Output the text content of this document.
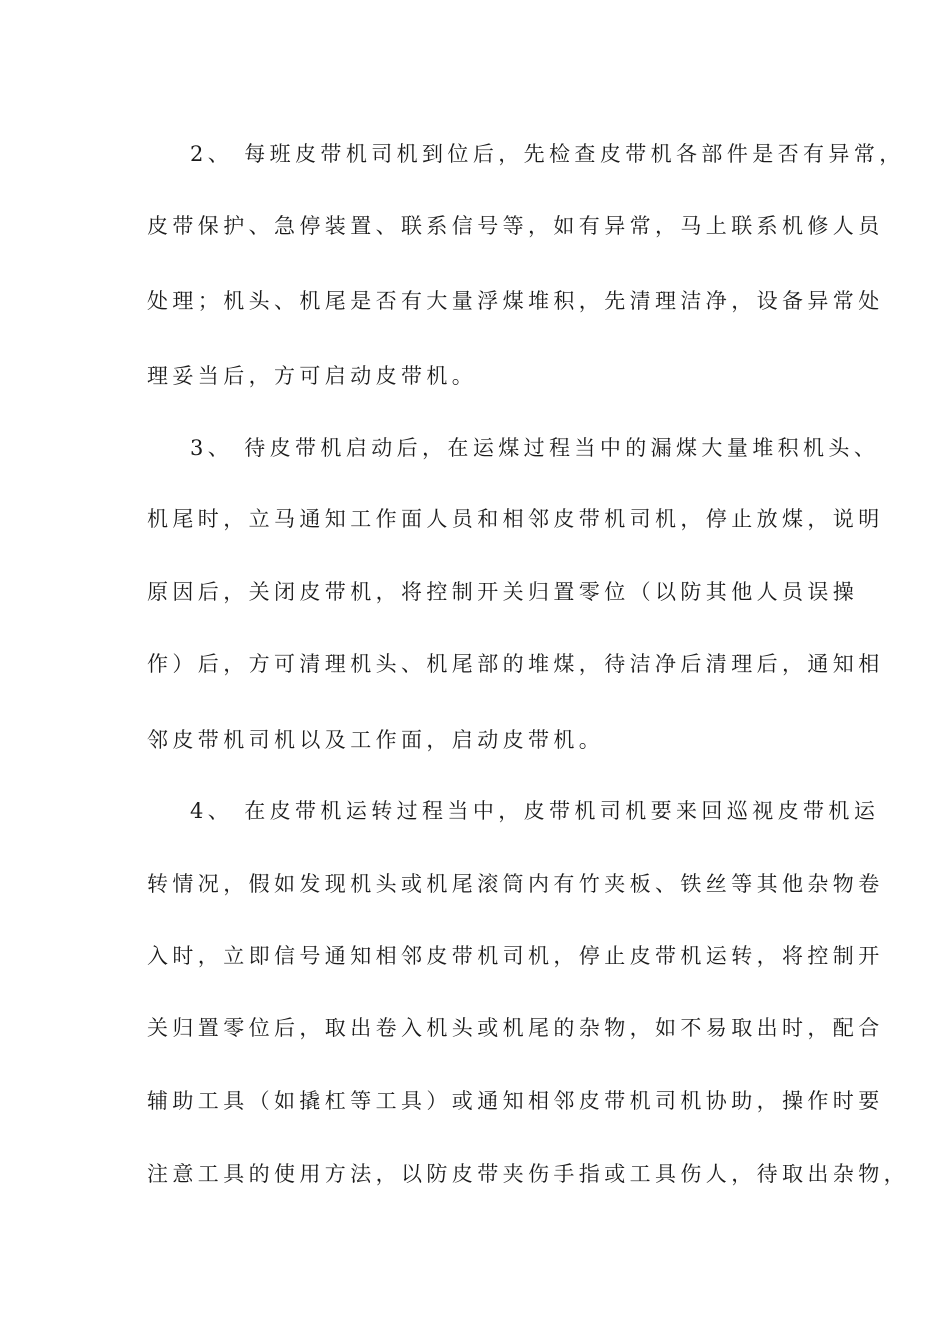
2、 每班皮带机司机到位后，先检查皮带机各部件是否有异常，
皮带保护、急停装置、联系信号等，如有异常，马上联系机修人员
处理；机头、机尾是否有大量浮煤堆积，先清理洁净，设备异常处
理妥当后，方可启动皮带机。
3、 待皮带机启动后，在运煤过程当中的漏煤大量堆积机头、
机尾时，立马通知工作面人员和相邻皮带机司机，停止放煤，说明
原因后，关闭皮带机，将控制开关归置零位（以防其他人员误操
作）后，方可清理机头、机尾部的堆煤，待洁净后清理后，通知相
邻皮带机司机以及工作面，启动皮带机。
4、 在皮带机运转过程当中，皮带机司机要来回巡视皮带机运
转情况，假如发现机头或机尾滚筒内有竹夹板、铁丝等其他杂物卷
入时，立即信号通知相邻皮带机司机，停止皮带机运转，将控制开
关归置零位后，取出卷入机头或机尾的杂物，如不易取出时，配合
辅助工具（如撬杠等工具）或通知相邻皮带机司机协助，操作时要
注意工具的使用方法，以防皮带夹伤手指或工具伤人，待取出杂物，
